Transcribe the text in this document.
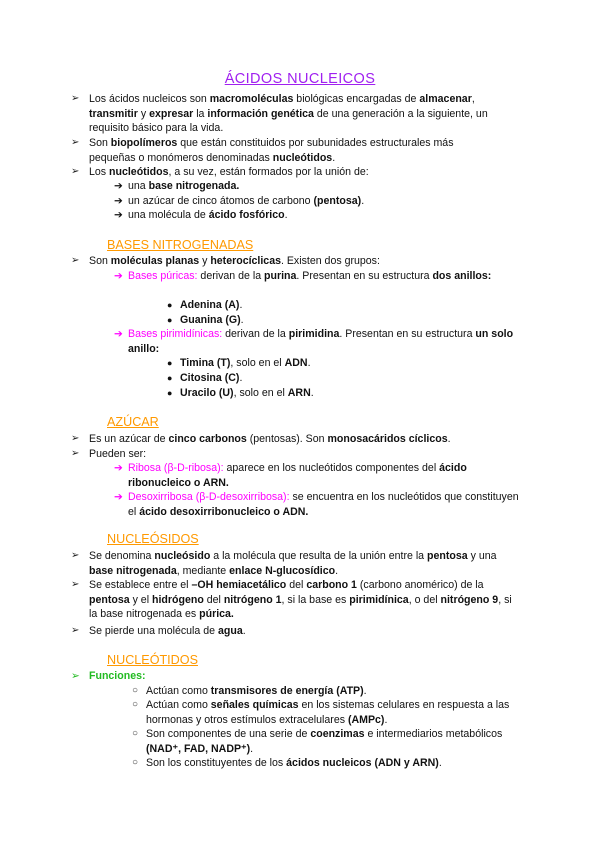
ÁCIDOS NUCLEICOS
➢ Los ácidos nucleicos son macromoléculas biológicas encargadas de almacenar, transmitir y expresar la información genética de una generación a la siguiente, un requisito básico para la vida.
➢ Son biopolímeros que están constituidos por subunidades estructurales más pequeñas o monómeros denominadas nucleótidos.
➢ Los nucleótidos, a su vez, están formados por la unión de:
➔ una base nitrogenada.
➔ un azúcar de cinco átomos de carbono (pentosa).
➔ una molécula de ácido fosfórico.
BASES NITROGENADAS
➢ Son moléculas planas y heterocíclicas. Existen dos grupos:
➔ Bases púricas: derivan de la purina. Presentan en su estructura dos anillos:
● Adenina (A).
● Guanina (G).
➔ Bases pirimidínicas: derivan de la pirimidina. Presentan en su estructura un solo anillo:
● Timina (T), solo en el ADN.
● Citosina (C).
● Uracilo (U), solo en el ARN.
AZÚCAR
➢ Es un azúcar de cinco carbonos (pentosas). Son monosacáridos cíclicos.
➢ Pueden ser:
➔ Ribosa (β-D-ribosa): aparece en los nucleótidos componentes del ácido ribonucleico o ARN.
➔ Desoxirribosa (β-D-desoxirribosa): se encuentra en los nucleótidos que constituyen el ácido desoxirribonucleico o ADN.
NUCLEÓSIDOS
➢ Se denomina nucleósido a la molécula que resulta de la unión entre la pentosa y una base nitrogenada, mediante enlace N-glucosídico.
➢ Se establece entre el –OH hemiacetálico del carbono 1 (carbono anomérico) de la pentosa y el hidrógeno del nitrógeno 1, si la base es pirimidínica, o del nitrógeno 9, si la base nitrogenada es púrica.
➢ Se pierde una molécula de agua.
NUCLEÓTIDOS
➢ Funciones:
○ Actúan como transmisores de energía (ATP).
○ Actúan como señales químicas en los sistemas celulares en respuesta a las hormonas y otros estímulos extracelulares (AMPc).
○ Son componentes de una serie de coenzimas e intermediarios metabólicos (NAD⁺, FAD, NADP⁺).
○ Son los constituyentes de los ácidos nucleicos (ADN y ARN).
